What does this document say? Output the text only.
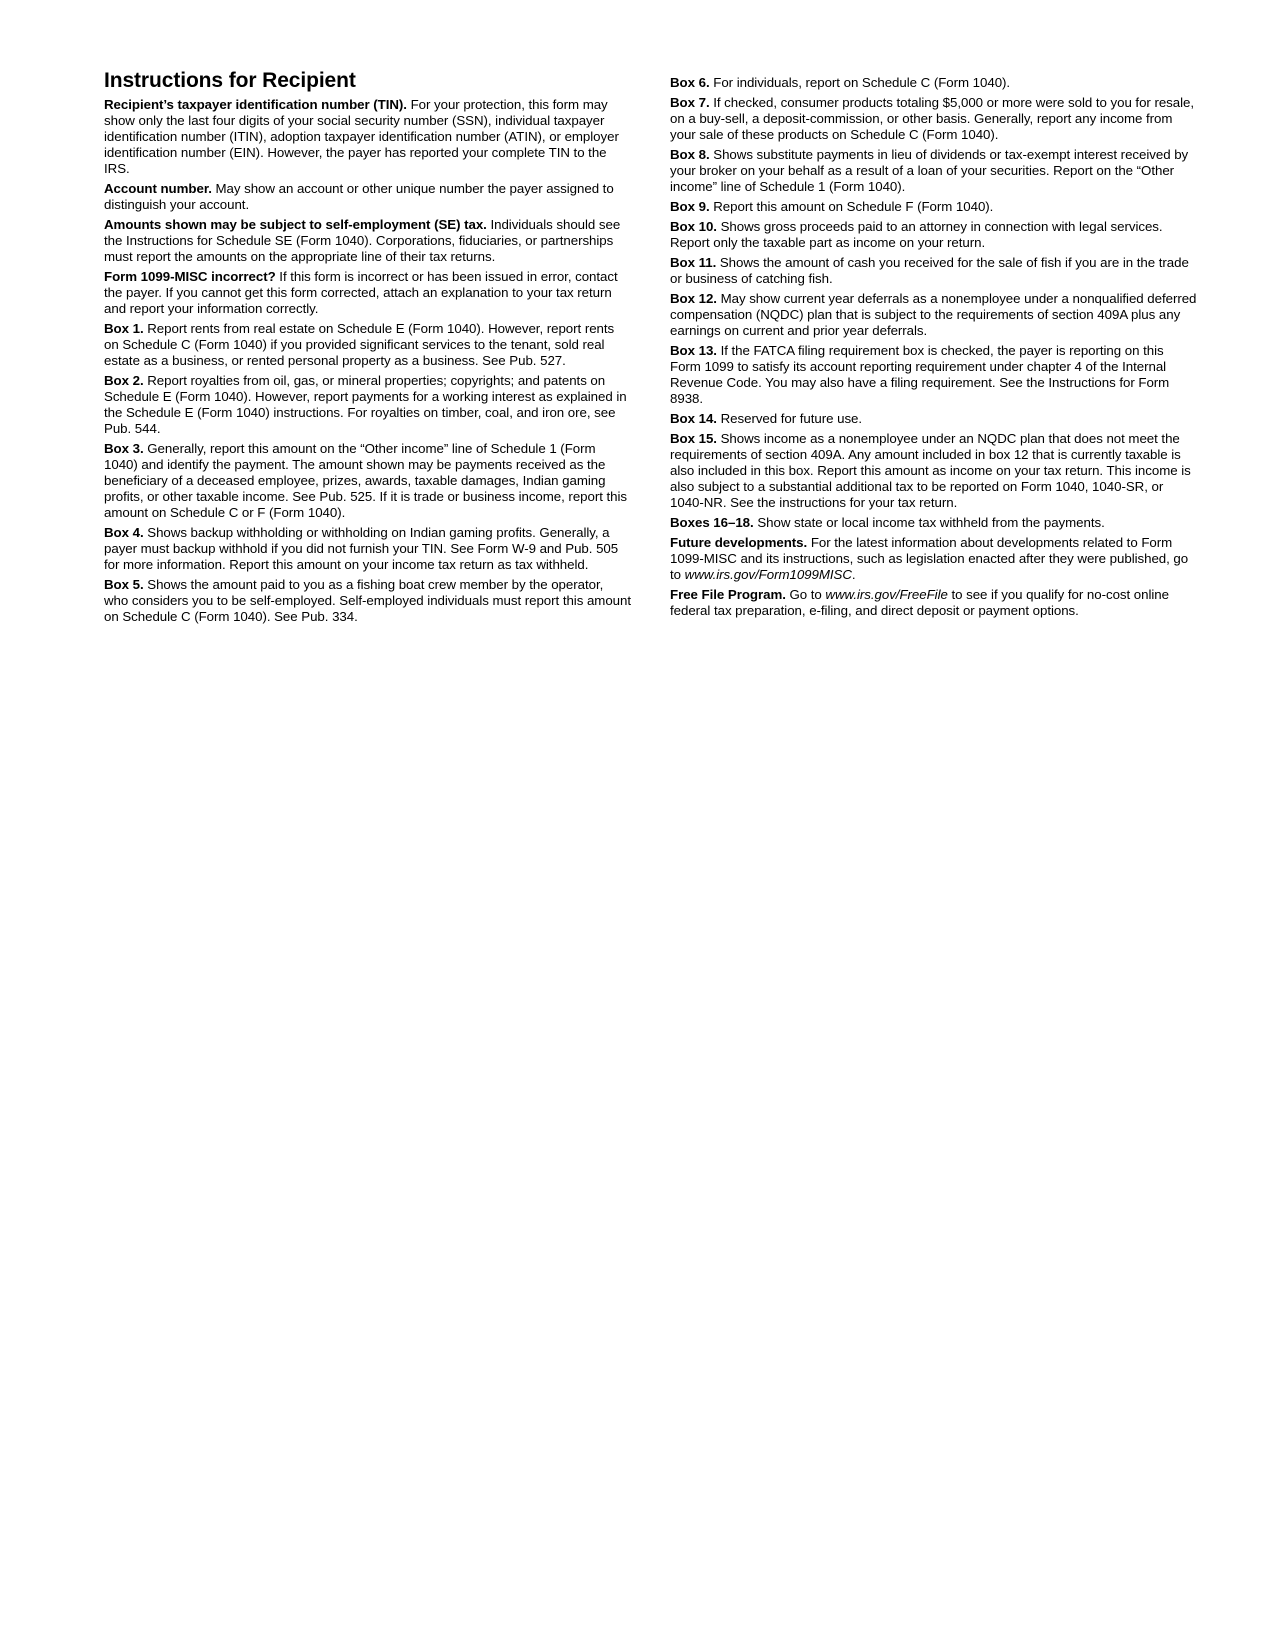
Instructions for Recipient

Recipient’s taxpayer identification number (TIN). For your protection, this form may show only the last four digits of your social security number (SSN), individual taxpayer identification number (ITIN), adoption taxpayer identification number (ATIN), or employer identification number (EIN). However, the payer has reported your complete TIN to the IRS.

Account number. May show an account or other unique number the payer assigned to distinguish your account.

Amounts shown may be subject to self-employment (SE) tax. Individuals should see the Instructions for Schedule SE (Form 1040). Corporations, fiduciaries, or partnerships must report the amounts on the appropriate line of their tax returns.

Form 1099-MISC incorrect? If this form is incorrect or has been issued in error, contact the payer. If you cannot get this form corrected, attach an explanation to your tax return and report your information correctly.

Box 1. Report rents from real estate on Schedule E (Form 1040). However, report rents on Schedule C (Form 1040) if you provided significant services to the tenant, sold real estate as a business, or rented personal property as a business. See Pub. 527.

Box 2. Report royalties from oil, gas, or mineral properties; copyrights; and patents on Schedule E (Form 1040). However, report payments for a working interest as explained in the Schedule E (Form 1040) instructions. For royalties on timber, coal, and iron ore, see Pub. 544.

Box 3. Generally, report this amount on the “Other income” line of Schedule 1 (Form 1040) and identify the payment. The amount shown may be payments received as the beneficiary of a deceased employee, prizes, awards, taxable damages, Indian gaming profits, or other taxable income. See Pub. 525. If it is trade or business income, report this amount on Schedule C or F (Form 1040).

Box 4. Shows backup withholding or withholding on Indian gaming profits. Generally, a payer must backup withhold if you did not furnish your TIN. See Form W-9 and Pub. 505 for more information. Report this amount on your income tax return as tax withheld.

Box 5. Shows the amount paid to you as a fishing boat crew member by the operator, who considers you to be self-employed. Self-employed individuals must report this amount on Schedule C (Form 1040). See Pub. 334.

Box 6. For individuals, report on Schedule C (Form 1040).

Box 7. If checked, consumer products totaling $5,000 or more were sold to you for resale, on a buy-sell, a deposit-commission, or other basis. Generally, report any income from your sale of these products on Schedule C (Form 1040).

Box 8. Shows substitute payments in lieu of dividends or tax-exempt interest received by your broker on your behalf as a result of a loan of your securities. Report on the “Other income” line of Schedule 1 (Form 1040).

Box 9. Report this amount on Schedule F (Form 1040).

Box 10. Shows gross proceeds paid to an attorney in connection with legal services. Report only the taxable part as income on your return.

Box 11. Shows the amount of cash you received for the sale of fish if you are in the trade or business of catching fish.

Box 12. May show current year deferrals as a nonemployee under a nonqualified deferred compensation (NQDC) plan that is subject to the requirements of section 409A plus any earnings on current and prior year deferrals.

Box 13. If the FATCA filing requirement box is checked, the payer is reporting on this Form 1099 to satisfy its account reporting requirement under chapter 4 of the Internal Revenue Code. You may also have a filing requirement. See the Instructions for Form 8938.

Box 14. Reserved for future use.

Box 15. Shows income as a nonemployee under an NQDC plan that does not meet the requirements of section 409A. Any amount included in box 12 that is currently taxable is also included in this box. Report this amount as income on your tax return. This income is also subject to a substantial additional tax to be reported on Form 1040, 1040-SR, or 1040-NR. See the instructions for your tax return.

Boxes 16–18. Show state or local income tax withheld from the payments.

Future developments. For the latest information about developments related to Form 1099-MISC and its instructions, such as legislation enacted after they were published, go to www.irs.gov/Form1099MISC.

Free File Program. Go to www.irs.gov/FreeFile to see if you qualify for no-cost online federal tax preparation, e-filing, and direct deposit or payment options.
